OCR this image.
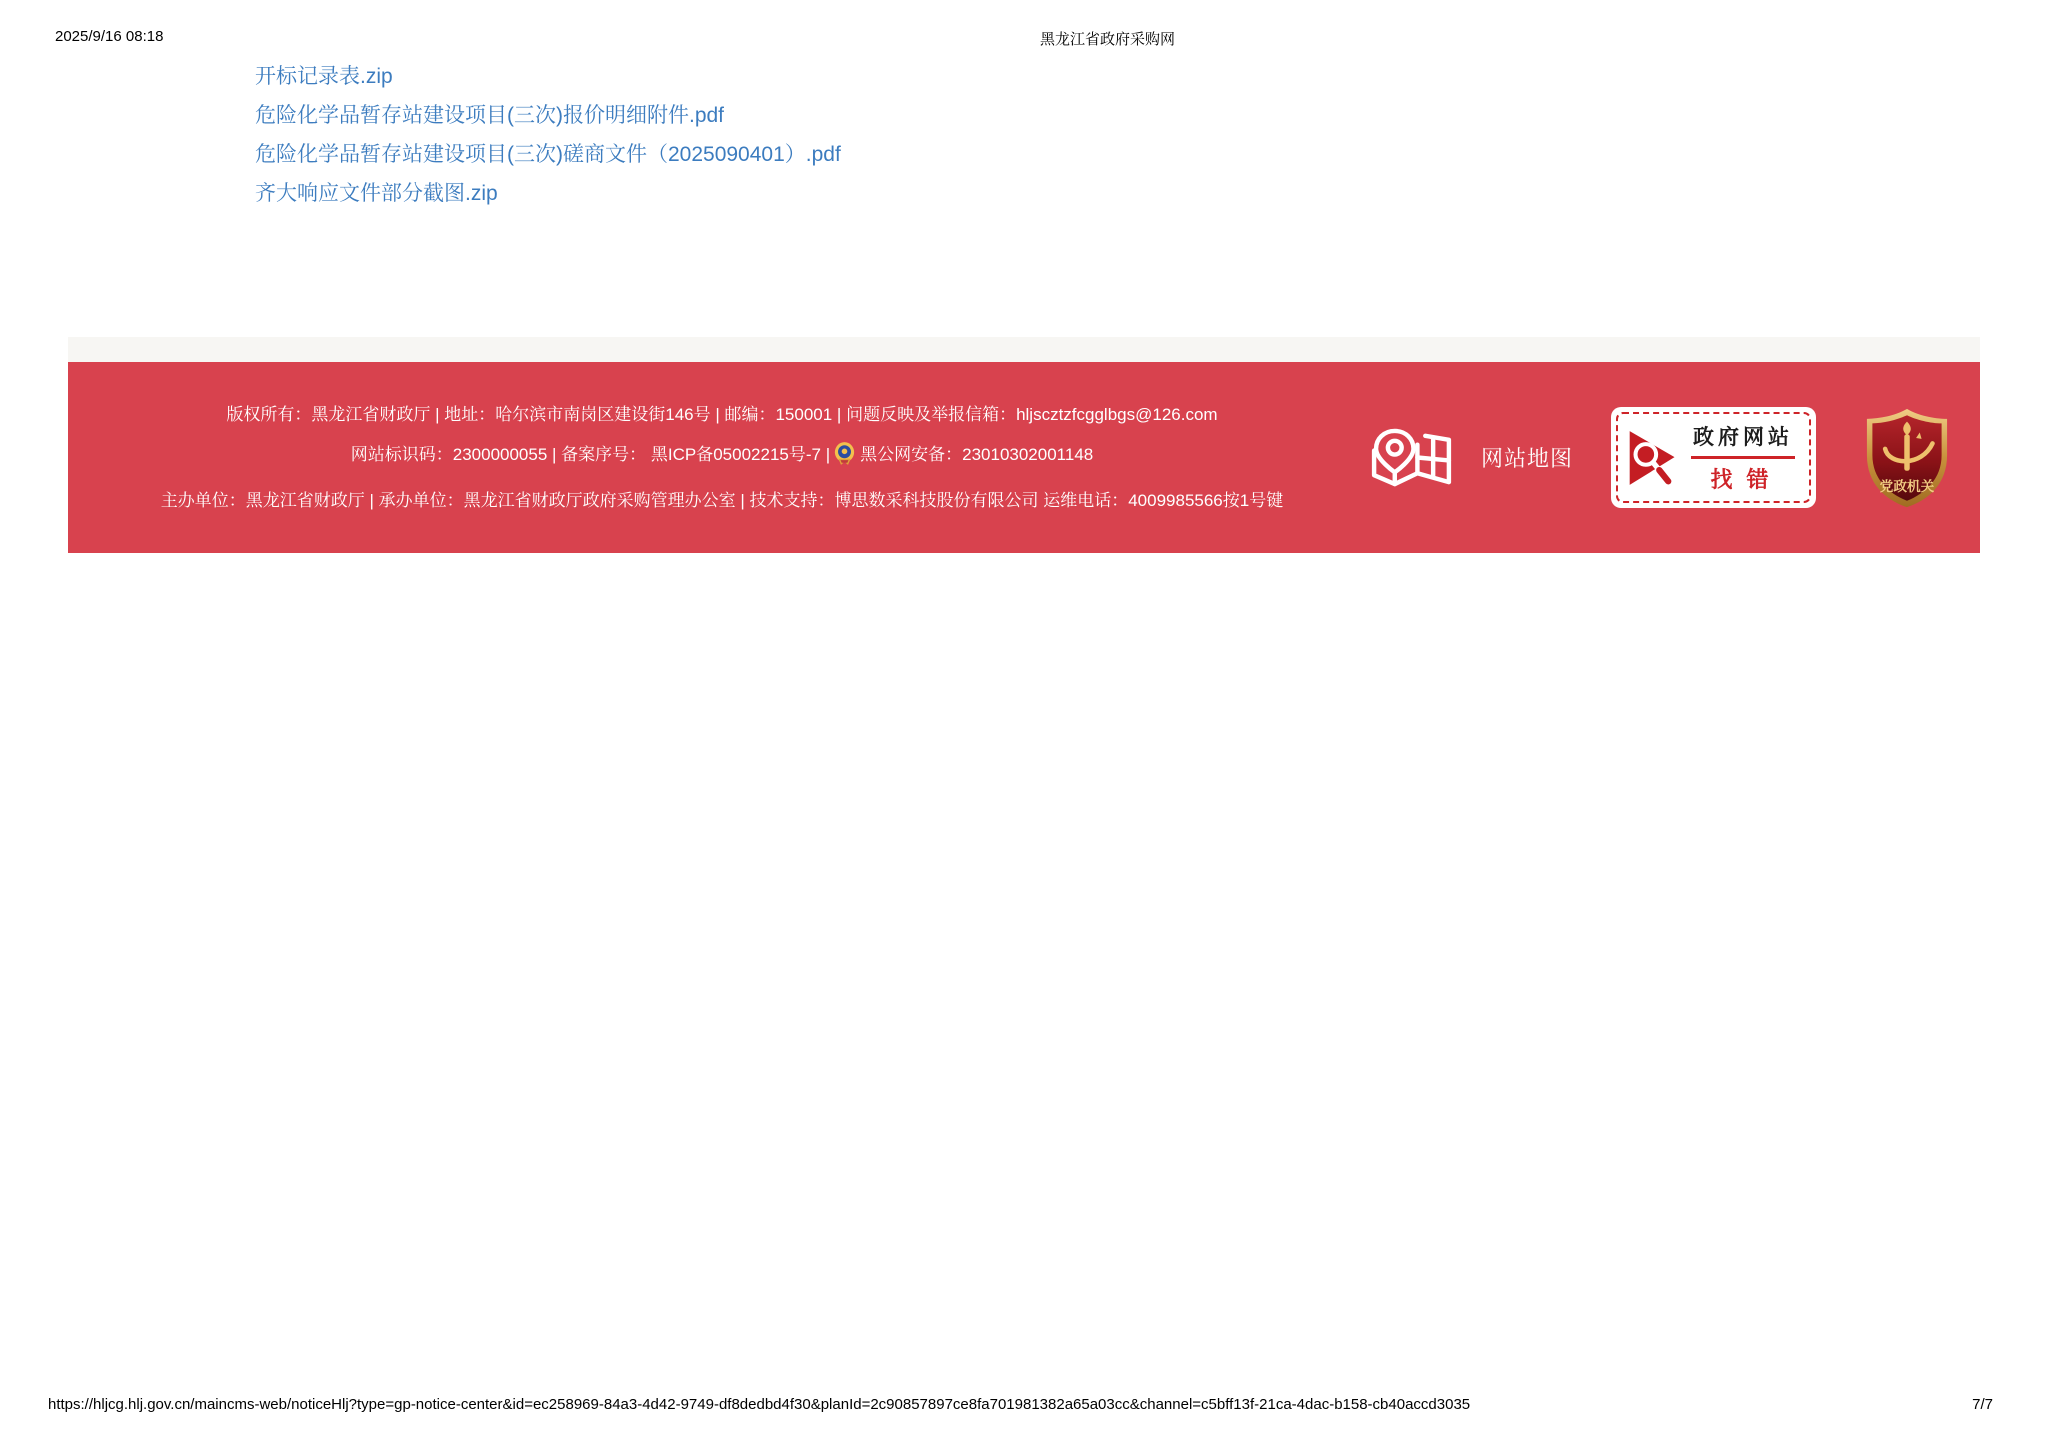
2025/9/16 08:18	黑龙江省政府采购网
开标记录表.zip
危险化学品暂存站建设项目(三次)报价明细附件.pdf
危险化学品暂存站建设项目(三次)磋商文件（2025090401）.pdf
齐大响应文件部分截图.zip
版权所有：黑龙江省财政厅 | 地址：哈尔滨市南岗区建设街146号 | 邮编：150001 | 问题反映及举报信箱：hljscztzfcgglbgs@126.com
网站标识码：2300000055 | 备案序号： 黑ICP备05002215号-7 | 黑公网安备：23010302001148
主办单位：黑龙江省财政厅 | 承办单位：黑龙江省财政厅政府采购管理办公室 | 技术支持：博思数采科技股份有限公司 运维电话：4009985566按1号键
网站地图
政府网站
找错	党政机关
https://hljcg.hlj.gov.cn/maincms-web/noticeHlj?type=gp-notice-center&id=ec258969-84a3-4d42-9749-df8dedbd4f30&planId=2c90857897ce8fa701981382a65a03cc&channel=c5bff13f-21ca-4dac-b158-cb40accd3035	7/7
